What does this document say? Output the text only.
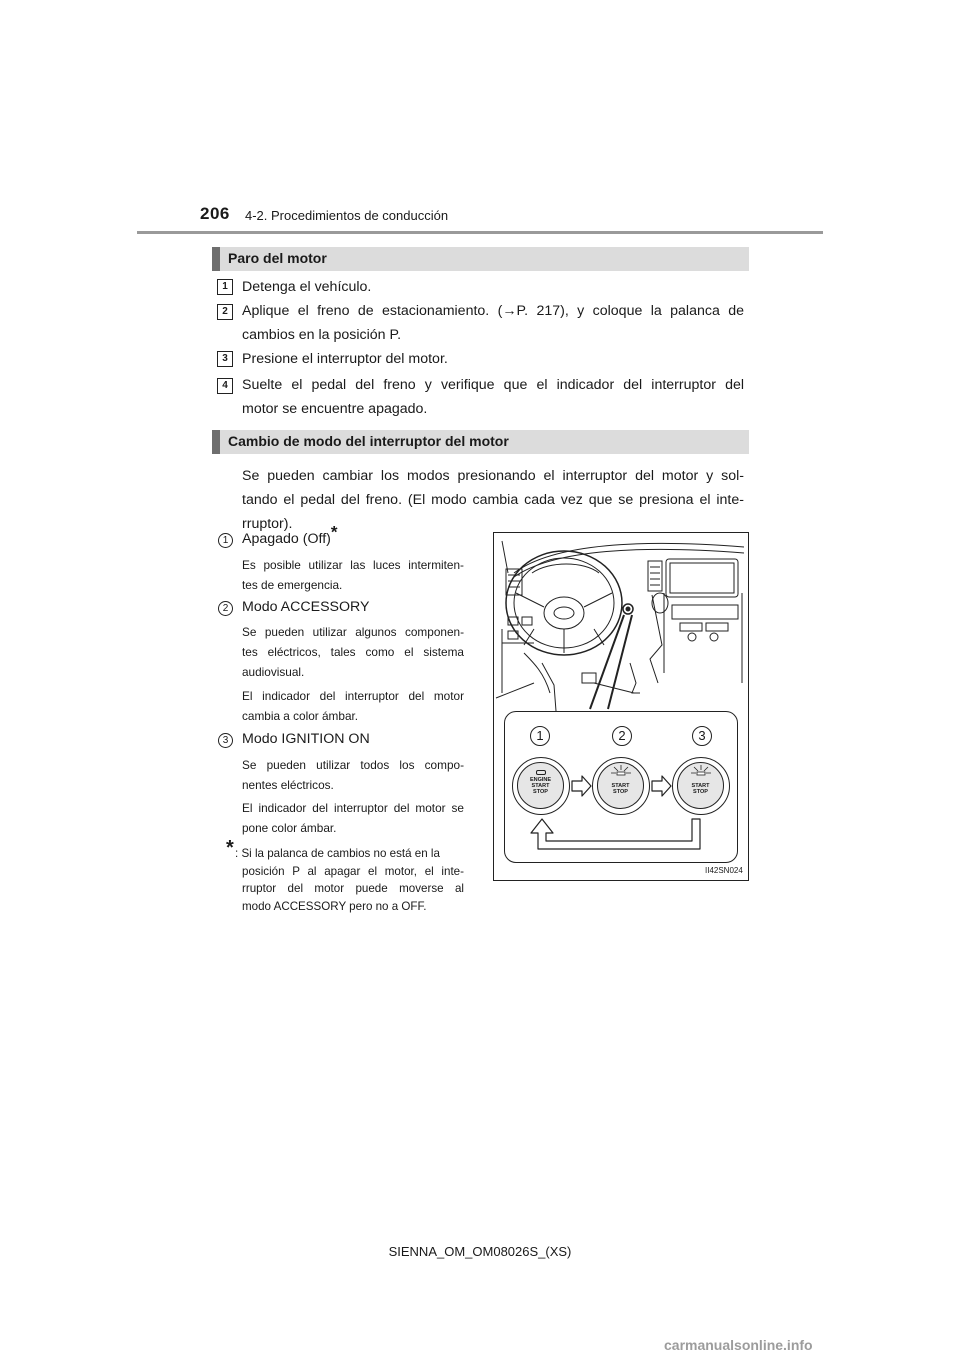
206 4-2. Procedimientos de conducción
Paro del motor
1	Detenga el vehículo.
2	Aplique el freno de estacionamiento. (→P. 217), y coloque la palanca de
cambios en la posición P.
3	Presione el interruptor del motor.
4	Suelte el pedal del freno y verifique que el indicador del interruptor del
motor se encuentre apagado.
Cambio de modo del interruptor del motor
Se pueden cambiar los modos presionando el interruptor del motor y sol-
tando el pedal del freno. (El modo cambia cada vez que se presiona el inte-
rruptor).
1 Apagado (Off)*
Es posible utilizar las luces intermiten-
tes de emergencia.
2 Modo ACCESSORY
Se pueden utilizar algunos componen-
tes eléctricos, tales como el sistema
audiovisual.
El indicador del interruptor del motor
cambia a color ámbar.
3 Modo IGNITION ON
Se pueden utilizar todos los compo-
nentes eléctricos.
El indicador del interruptor del motor se
pone color ámbar.
* : Si la palanca de cambios no está en la
posición P al apagar el motor, el inte-
rruptor del motor puede moverse al
modo ACCESSORY pero no a OFF.
1	2	3
ENGINE
START
STOP
START
STOP
START
STOP
II42SN024
SIENNA_OM_OM08026S_(XS)
carmanualsonline.info
